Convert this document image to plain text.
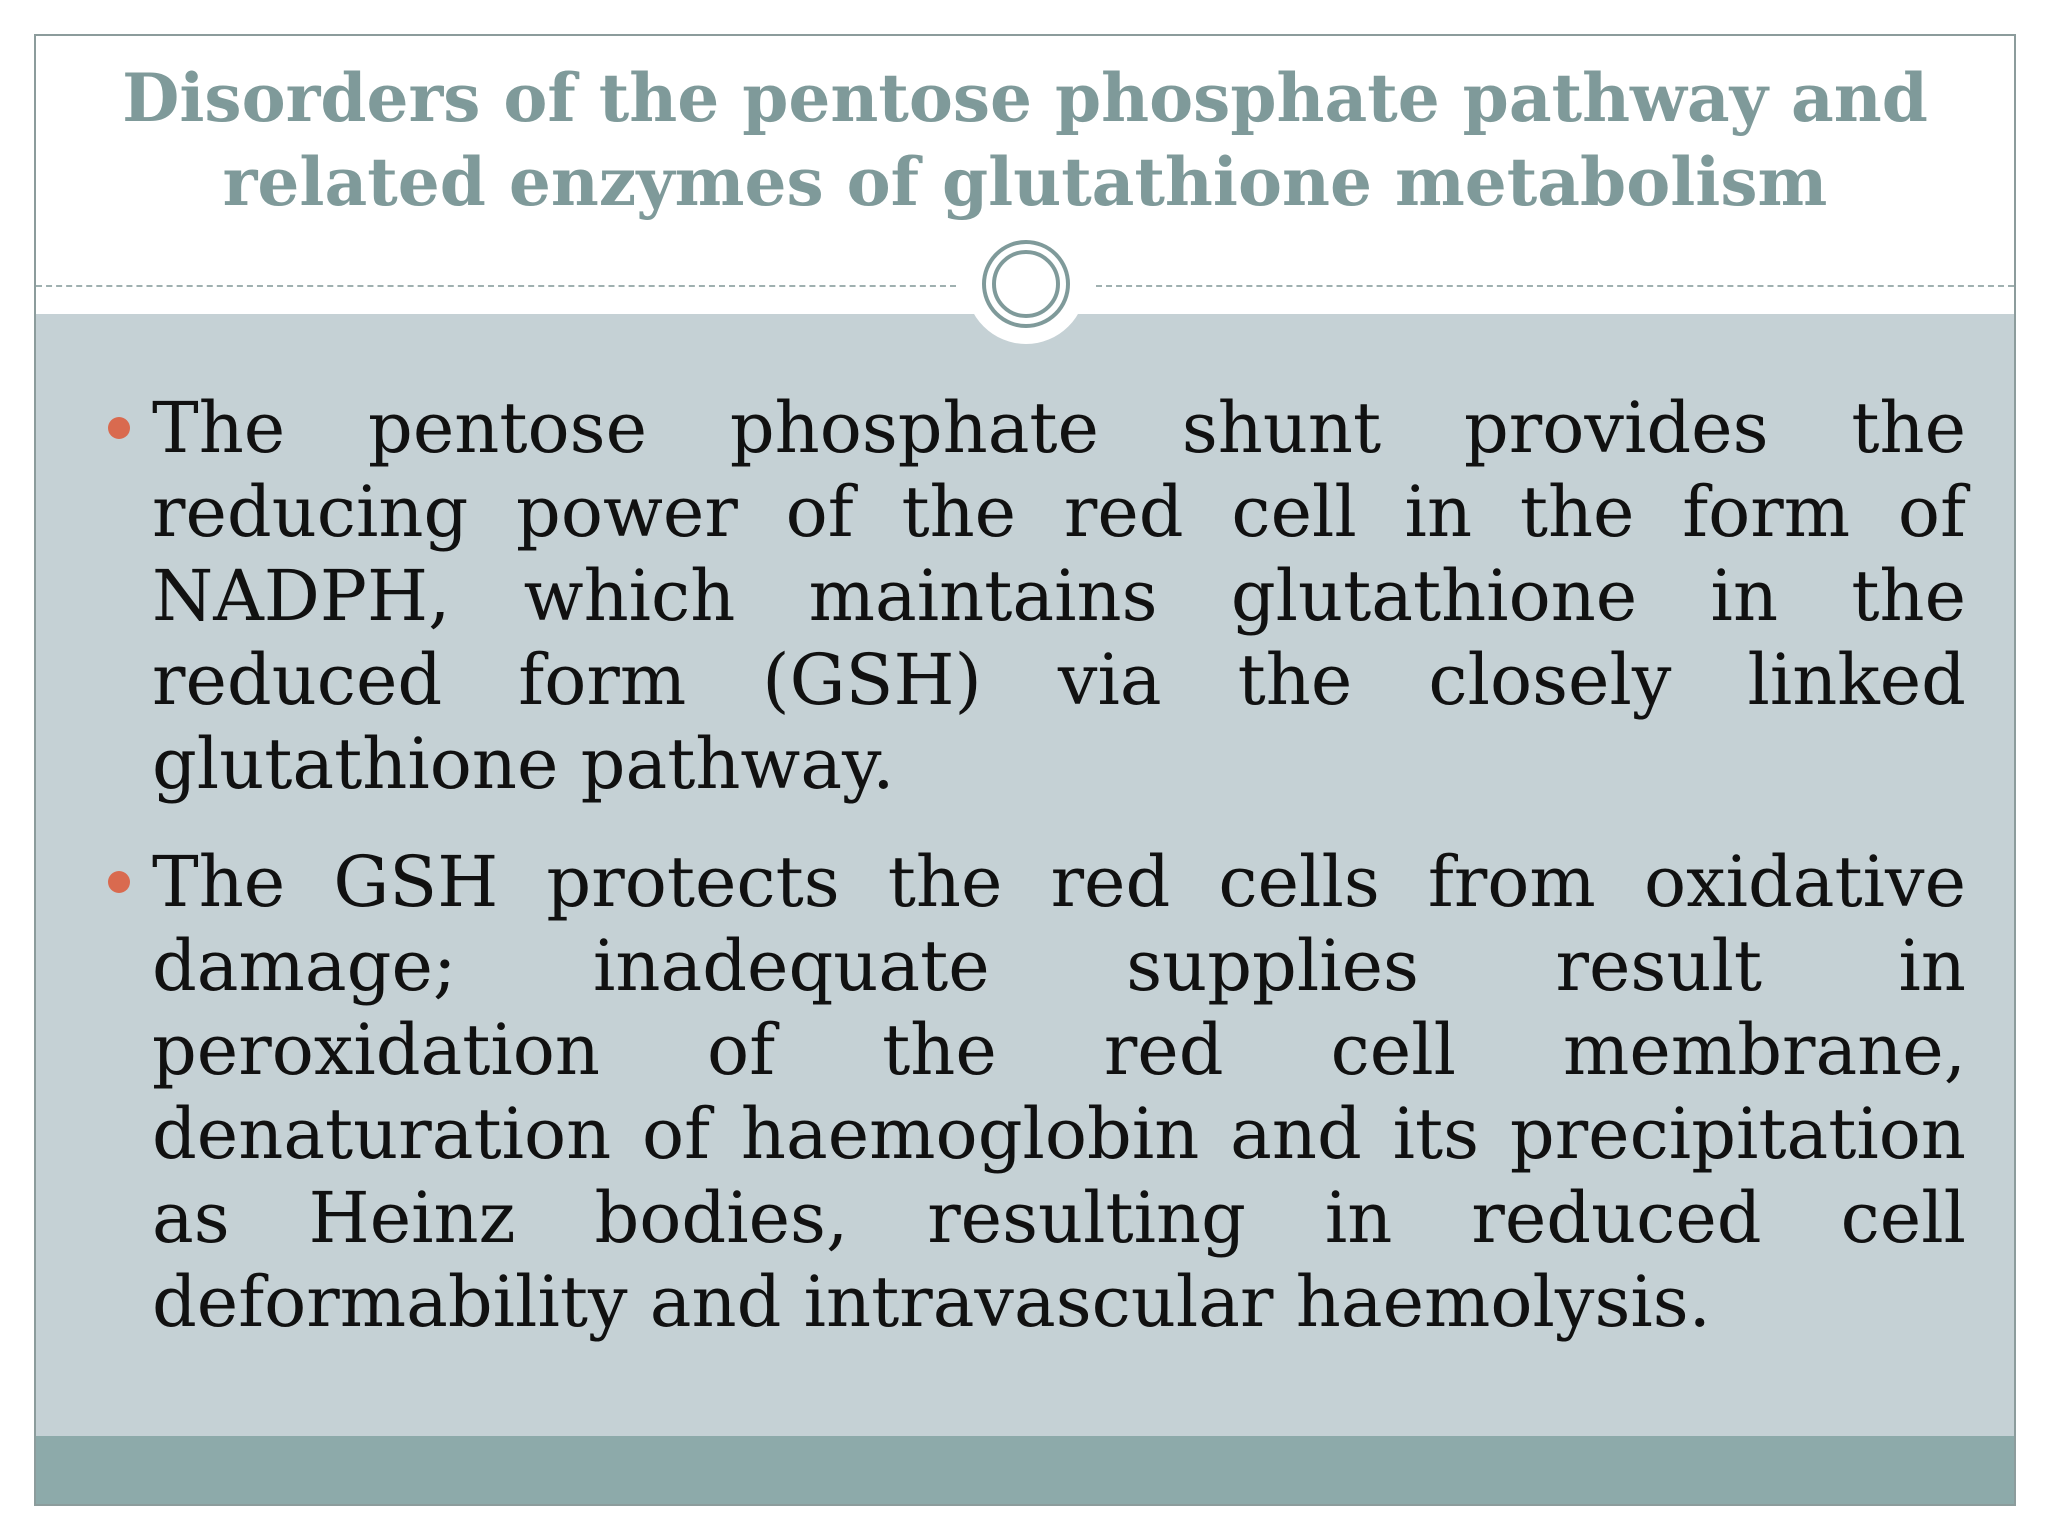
Disorders of the pentose phosphate pathway and related enzymes of glutathione metabolism
The pentose phosphate shunt provides the reducing power of the red cell in the form of NADPH, which maintains glutathione in the reduced form (GSH) via the closely linked glutathione pathway.
The GSH protects the red cells from oxidative damage; inadequate supplies result in peroxidation of the red cell membrane, denaturation of haemoglobin and its precipitation as Heinz bodies, resulting in reduced cell deformability and intravascular haemolysis.
